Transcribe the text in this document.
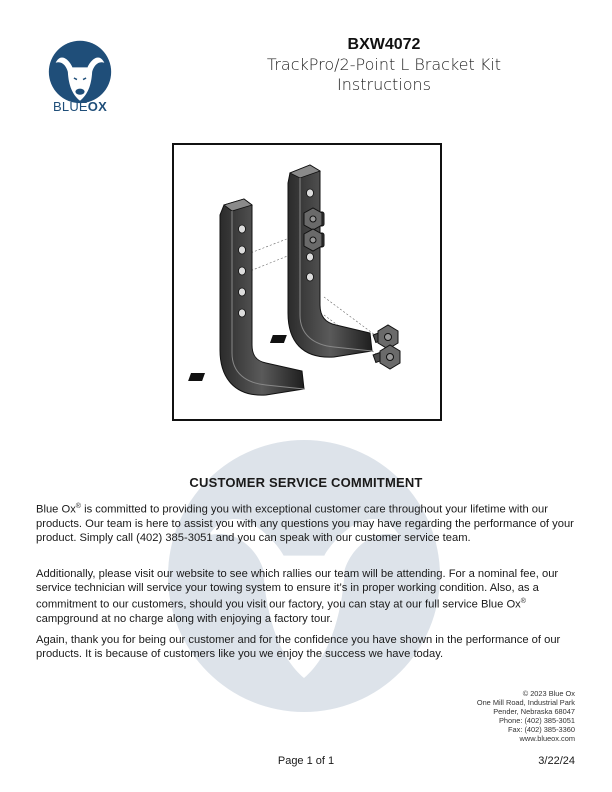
BLUEOX
BXW4072
TrackPro/2-Point L Bracket Kit
Instructions
CUSTOMER SERVICE COMMITMENT

Blue Ox® is committed to providing you with exceptional customer care throughout your lifetime with our products. Our team is here to assist you with any questions you may have regarding the performance of your product. Simply call (402) 385-3051 and you can speak with our customer service team.

Additionally, please visit our website to see which rallies our team will be attending. For a nominal fee, our service technician will service your towing system to ensure it’s in proper working condition. Also, as a commitment to our customers, should you visit our factory, you can stay at our full service Blue Ox® campground at no charge along with enjoying a factory tour.

Again, thank you for being our customer and for the confidence you have shown in the performance of our products. It is because of customers like you we enjoy the success we have today.

© 2023 Blue Ox
One Mill Road, Industrial Park
Pender, Nebraska 68047
Phone: (402) 385-3051
Fax: (402) 385-3360
www.blueox.com
Page 1 of 1	3/22/24
